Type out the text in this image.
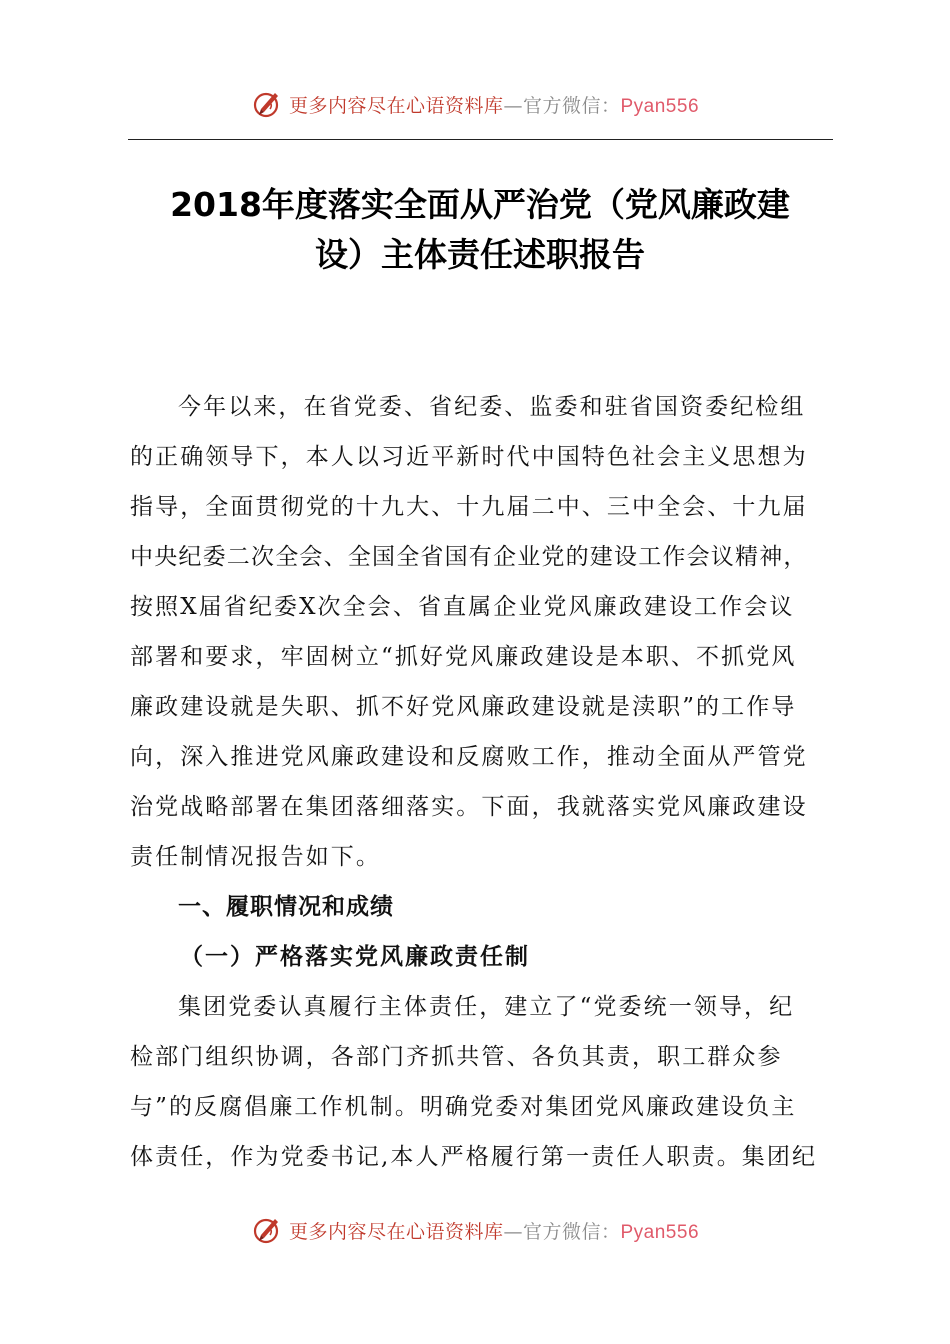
更多内容尽在心语资料库—官方微信：Pyan556
2018年度落实全面从严治党（党风廉政建
设）主体责任述职报告
今年以来，在省党委、省纪委、监委和驻省国资委纪检组
的正确领导下，本人以习近平新时代中国特色社会主义思想为
指导，全面贯彻党的十九大、十九届二中、三中全会、十九届
中央纪委二次全会、全国全省国有企业党的建设工作会议精神，
按照X届省纪委X次全会、省直属企业党风廉政建设工作会议
部署和要求，牢固树立“抓好党风廉政建设是本职、不抓党风
廉政建设就是失职、抓不好党风廉政建设就是渎职”的工作导
向，深入推进党风廉政建设和反腐败工作，推动全面从严管党
治党战略部署在集团落细落实。下面，我就落实党风廉政建设
责任制情况报告如下。
一、履职情况和成绩
（一）严格落实党风廉政责任制
集团党委认真履行主体责任，建立了“党委统一领导，纪
检部门组织协调，各部门齐抓共管、各负其责，职工群众参
与”的反腐倡廉工作机制。明确党委对集团党风廉政建设负主
体责任，作为党委书记,本人严格履行第一责任人职责。集团纪
更多内容尽在心语资料库—官方微信：Pyan556
